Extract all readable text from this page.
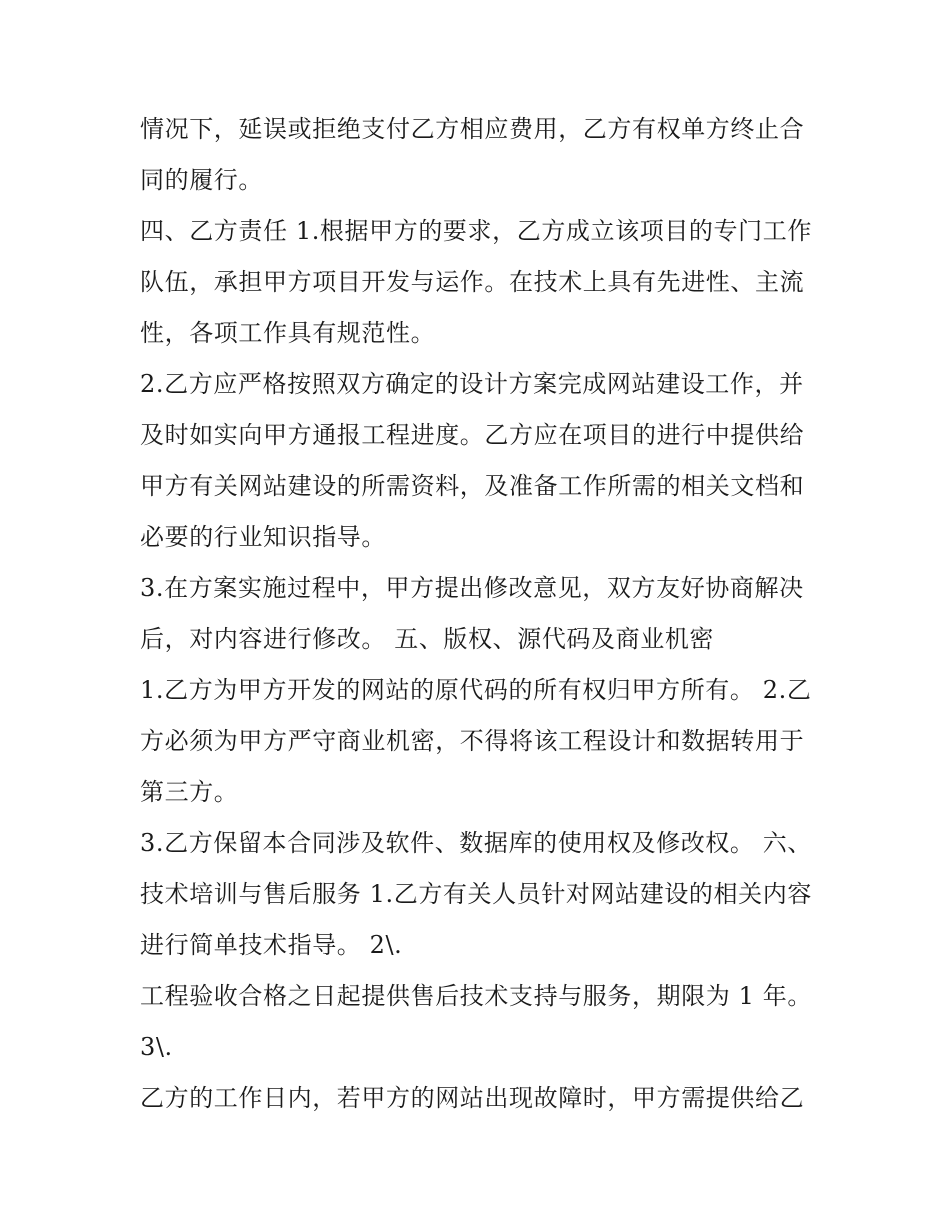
情况下，延误或拒绝支付乙方相应费用，乙方有权单方终止合
同的履行。
四、乙方责任 1.根据甲方的要求，乙方成立该项目的专门工作
队伍，承担甲方项目开发与运作。在技术上具有先进性、主流
性，各项工作具有规范性。
2.乙方应严格按照双方确定的设计方案完成网站建设工作，并
及时如实向甲方通报工程进度。乙方应在项目的进行中提供给
甲方有关网站建设的所需资料，及准备工作所需的相关文档和
必要的行业知识指导。
3.在方案实施过程中，甲方提出修改意见，双方友好协商解决
后，对内容进行修改。 五、版权、源代码及商业机密
1.乙方为甲方开发的网站的原代码的所有权归甲方所有。 2.乙
方必须为甲方严守商业机密，不得将该工程设计和数据转用于
第三方。
3.乙方保留本合同涉及软件、数据库的使用权及修改权。 六、
技术培训与售后服务 1.乙方有关人员针对网站建设的相关内容
进行简单技术指导。 2\.
工程验收合格之日起提供售后技术支持与服务，期限为 1 年。
3\.
乙方的工作日内，若甲方的网站出现故障时，甲方需提供给乙
